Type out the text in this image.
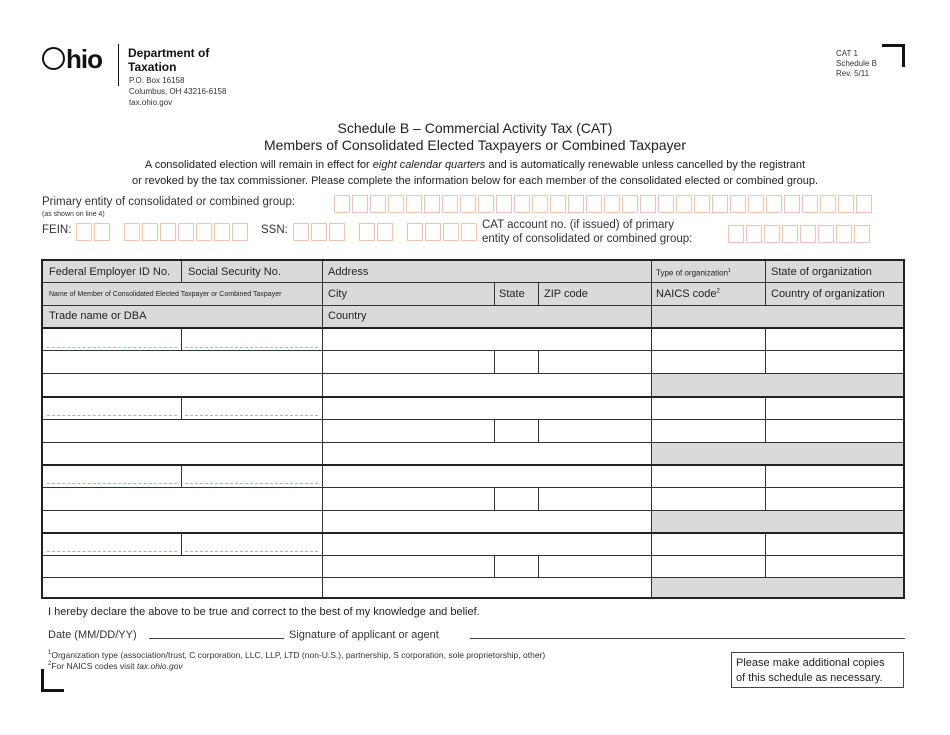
hio Department of
Taxation
P.O. Box 16158
Columbus, OH 43216-6158
tax.ohio.gov
CAT 1
Schedule B
Rev. 5/11
Schedule B – Commercial Activity Tax (CAT)
Members of Consolidated Elected Taxpayers or Combined Taxpayer
A consolidated election will remain in effect for eight calendar quarters and is automatically renewable unless cancelled by the registrant
or revoked by the tax commissioner. Please complete the information below for each member of the consolidated elected or combined group.
Primary entity of consolidated or combined group:
(as shown on line 4)
FEIN:	SSN:	CAT account no. (if issued) of primary
entity of consolidated or combined group:
Federal Employer ID No. Social Security No.	Address	Type of organization$^1$	State of organization
Name of Member of Consolidated Elected Taxpayer or Combined Taxpayer	City	State ZIP code	NAICS code$^2$	Country of organization
Trade name or DBA	Country
I hereby declare the above to be true and correct to the best of my knowledge and belief.
Date (MM/DD/YY)	Signature of applicant or agent
$^1$Organization type (association/trust, C corporation, LLC, LLP, LTD (non-U.S.), partnership, S corporation, sole proprietorship, other)
$^2$For NAICS codes visit tax.ohio.gov	Please make additional copies
of this schedule as necessary.
